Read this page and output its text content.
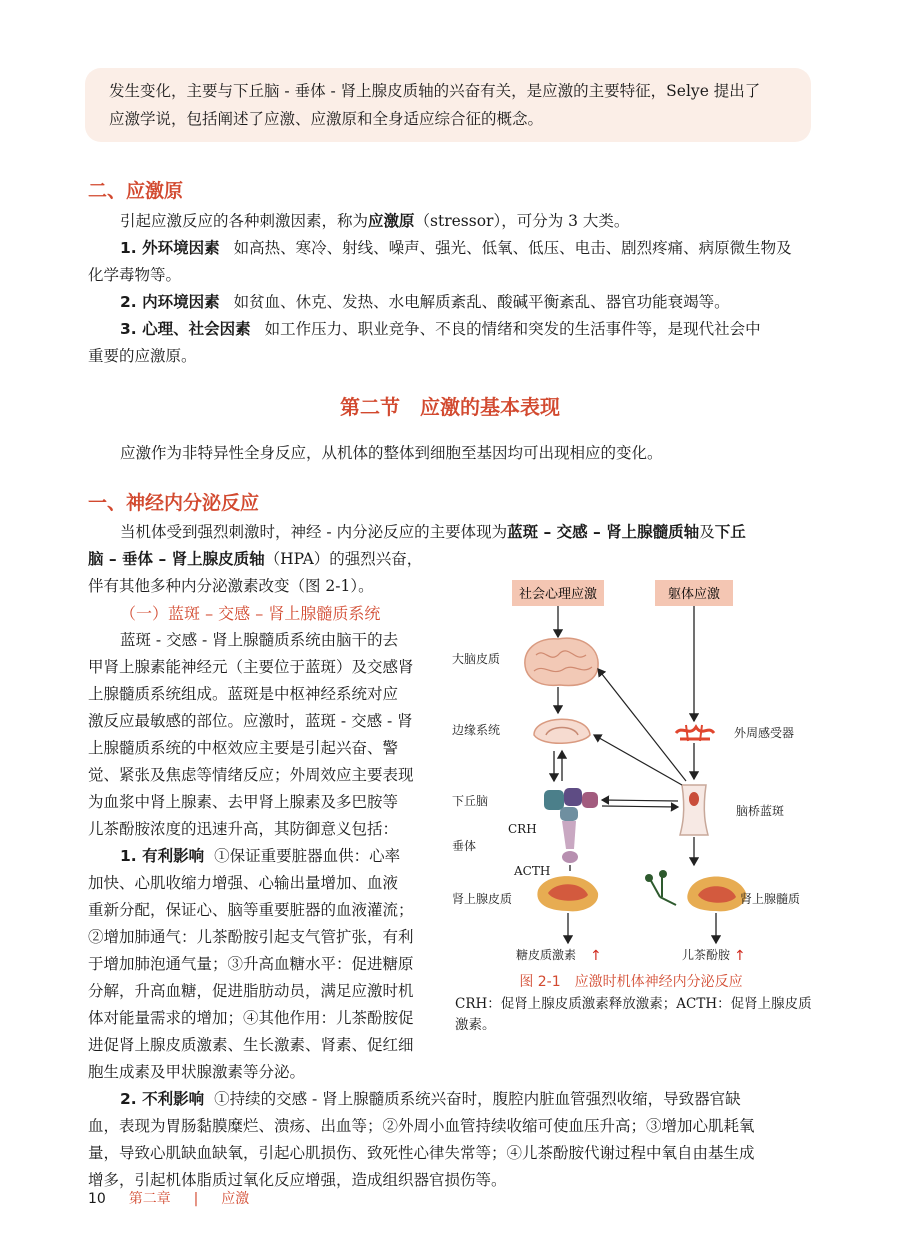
发生变化，主要与下丘脑 - 垂体 - 肾上腺皮质轴的兴奋有关，是应激的主要特征，Selye 提出了
应激学说，包括阐述了应激、应激原和全身适应综合征的概念。
二、应激原
引起应激反应的各种刺激因素，称为应激原（stressor），可分为 3 大类。
1. 外环境因素 如高热、寒冷、射线、噪声、强光、低氧、低压、电击、剧烈疼痛、病原微生物及
化学毒物等。
2. 内环境因素 如贫血、休克、发热、水电解质紊乱、酸碱平衡紊乱、器官功能衰竭等。
3. 心理、社会因素 如工作压力、职业竞争、不良的情绪和突发的生活事件等，是现代社会中
重要的应激原。
第二节　应激的基本表现
应激作为非特异性全身反应，从机体的整体到细胞至基因均可出现相应的变化。
一、神经内分泌反应
当机体受到强烈刺激时，神经 - 内分泌反应的主要体现为蓝斑 – 交感 – 肾上腺髓质轴及下丘
脑 – 垂体 – 肾上腺皮质轴（HPA）的强烈兴奋，
伴有其他多种内分泌激素改变（图 2-1）。
（一）蓝斑 – 交感 – 肾上腺髓质系统
蓝斑 - 交感 - 肾上腺髓质系统由脑干的去
甲肾上腺素能神经元（主要位于蓝斑）及交感肾
上腺髓质系统组成。蓝斑是中枢神经系统对应
激反应最敏感的部位。应激时，蓝斑 - 交感 - 肾
上腺髓质系统的中枢效应主要是引起兴奋、警
觉、紧张及焦虑等情绪反应；外周效应主要表现
为血浆中肾上腺素、去甲肾上腺素及多巴胺等
儿茶酚胺浓度的迅速升高，其防御意义包括：
1. 有利影响 ①保证重要脏器血供：心率
加快、心肌收缩力增强、心输出量增加、血液
重新分配，保证心、脑等重要脏器的血液灌流；
②增加肺通气：儿茶酚胺引起支气管扩张，有利
于增加肺泡通气量；③升高血糖水平：促进糖原
分解，升高血糖，促进脂肪动员，满足应激时机
体对能量需求的增加；④其他作用：儿茶酚胺促
进促肾上腺皮质激素、生长激素、肾素、促红细
胞生成素及甲状腺激素等分泌。
2. 不利影响 ①持续的交感 - 肾上腺髓质系统兴奋时，腹腔内脏血管强烈收缩，导致器官缺
血，表现为胃肠黏膜糜烂、溃疡、出血等；②外周小血管持续收缩可使血压升高；③增加心肌耗氧
量，导致心肌缺血缺氧，引起心肌损伤、致死性心律失常等；④儿茶酚胺代谢过程中氧自由基生成
增多，引起机体脂质过氧化反应增强，造成组织器官损伤等。
社会心理应激	躯体应激
大脑皮质
边缘系统
下丘脑
CRH
垂体
ACTH
肾上腺皮质
糖皮质激素 ↑
外周感受器
脑桥蓝斑
肾上腺髓质
儿茶酚胺 ↑
图 2-1　应激时机体神经内分泌反应
CRH：促肾上腺皮质激素释放激素；ACTH：促肾上腺皮质激素。
10 第二章 | 应激
